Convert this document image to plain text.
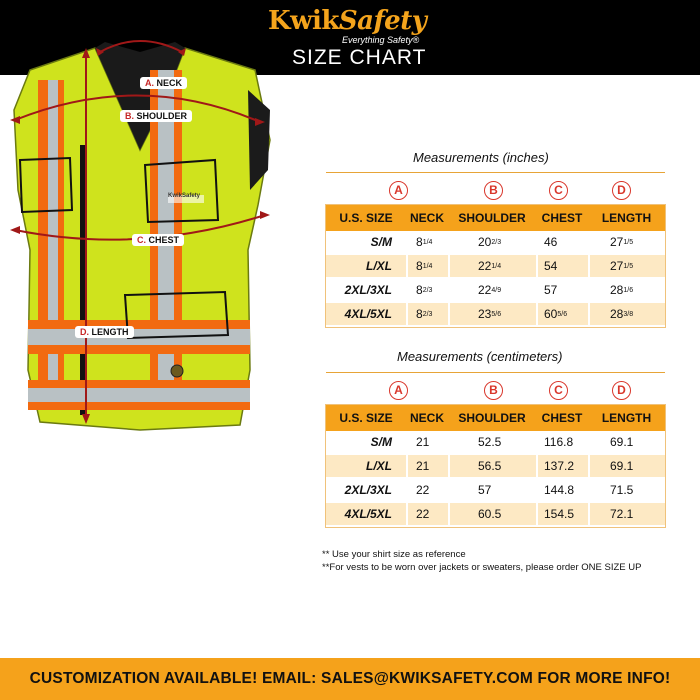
KwikSafety
Everything Safety®
SIZE CHART
A. NECK
B. SHOULDER
C. CHEST
D. LENGTH
KwikSafety
Measurements (inches)
A	B	C	D
U.S. SIZE	NECK	SHOULDER	CHEST	LENGTH
S/M	8 1/4	20 2/3	46	27 1/5
L/XL	8 1/4	22 1/4	54	27 1/5
2XL/3XL	8 2/3	22 4/9	57	28 1/6
4XL/5XL	8 2/3	23 5/6	60 5/6	28 3/8
Measurements (centimeters)
A	B	C	D
U.S. SIZE	NECK	SHOULDER	CHEST	LENGTH
S/M	21	52.5	116.8	69.1
L/XL	21	56.5	137.2	69.1
2XL/3XL	22	57	144.8	71.5
4XL/5XL	22	60.5	154.5	72.1
** Use your shirt size as reference
**For vests to be worn over jackets or sweaters, please order ONE SIZE UP
CUSTOMIZATION AVAILABLE! EMAIL: SALES@KWIKSAFETY.COM FOR MORE INFO!
